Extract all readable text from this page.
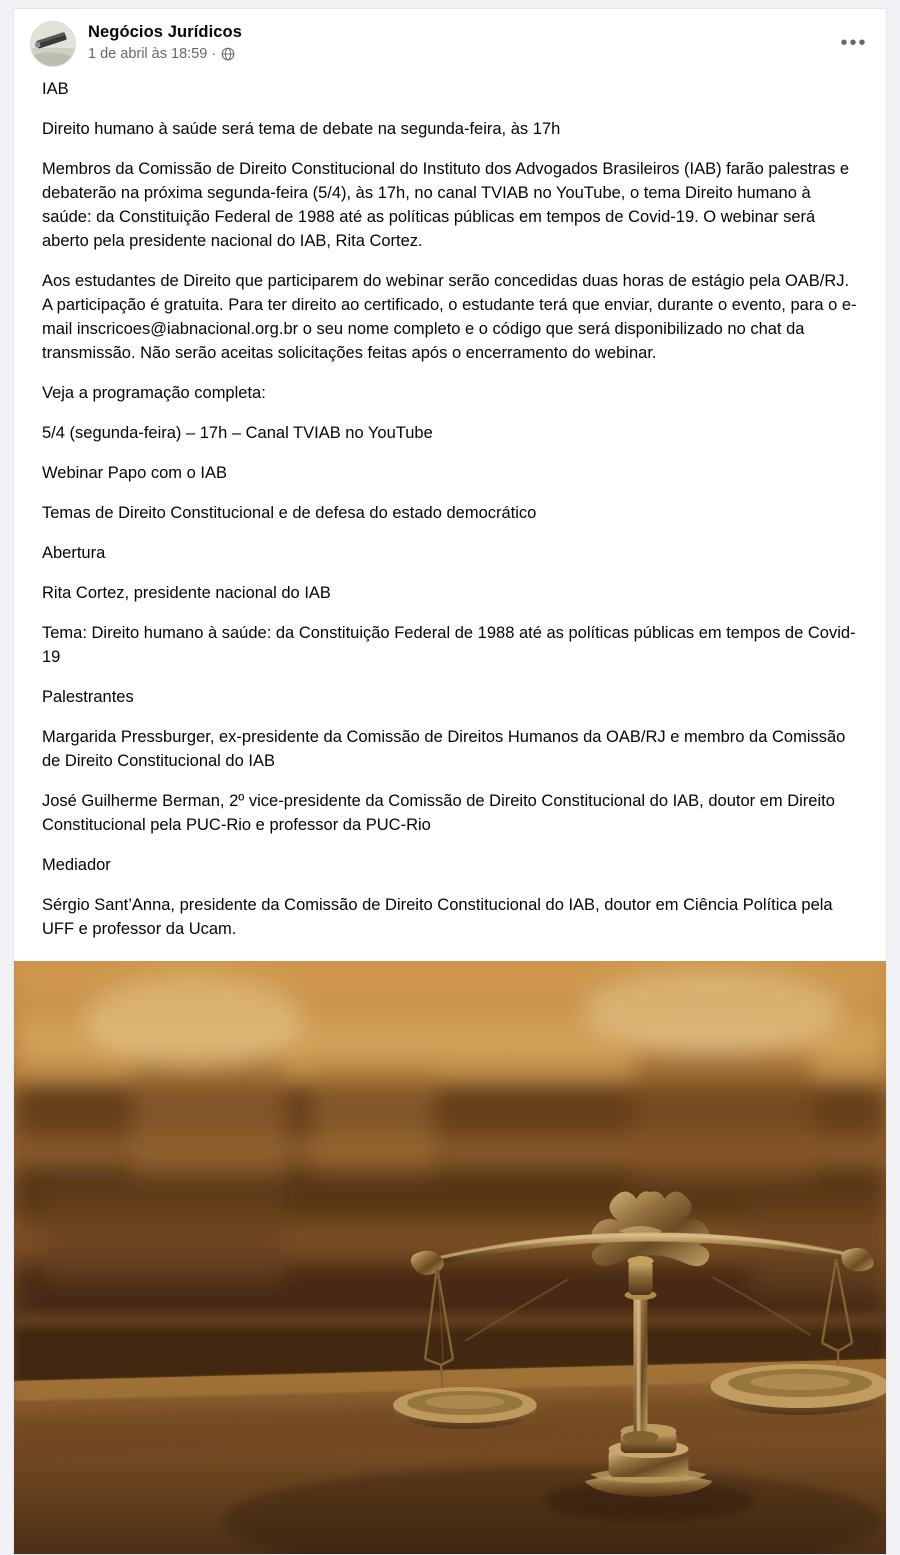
Negócios Jurídicos
1 de abril às 18:59 ·	•••

IAB

Direito humano à saúde será tema de debate na segunda-feira, às 17h

Membros da Comissão de Direito Constitucional do Instituto dos Advogados Brasileiros (IAB) farão palestras e debaterão na próxima segunda-feira (5/4), às 17h, no canal TVIAB no YouTube, o tema Direito humano à saúde: da Constituição Federal de 1988 até as políticas públicas em tempos de Covid-19. O webinar será aberto pela presidente nacional do IAB, Rita Cortez.

Aos estudantes de Direito que participarem do webinar serão concedidas duas horas de estágio pela OAB/RJ. A participação é gratuita. Para ter direito ao certificado, o estudante terá que enviar, durante o evento, para o e-mail inscricoes@iabnacional.org.br o seu nome completo e o código que será disponibilizado no chat da transmissão. Não serão aceitas solicitações feitas após o encerramento do webinar.

Veja a programação completa:

5/4 (segunda-feira) – 17h – Canal TVIAB no YouTube

Webinar Papo com o IAB

Temas de Direito Constitucional e de defesa do estado democrático

Abertura

Rita Cortez, presidente nacional do IAB

Tema: Direito humano à saúde: da Constituição Federal de 1988 até as políticas públicas em tempos de Covid-19

Palestrantes

Margarida Pressburger, ex-presidente da Comissão de Direitos Humanos da OAB/RJ e membro da Comissão de Direito Constitucional do IAB

José Guilherme Berman, 2º vice-presidente da Comissão de Direito Constitucional do IAB, doutor em Direito Constitucional pela PUC-Rio e professor da PUC-Rio

Mediador

Sérgio Sant’Anna, presidente da Comissão de Direito Constitucional do IAB, doutor em Ciência Política pela UFF e professor da Ucam.
